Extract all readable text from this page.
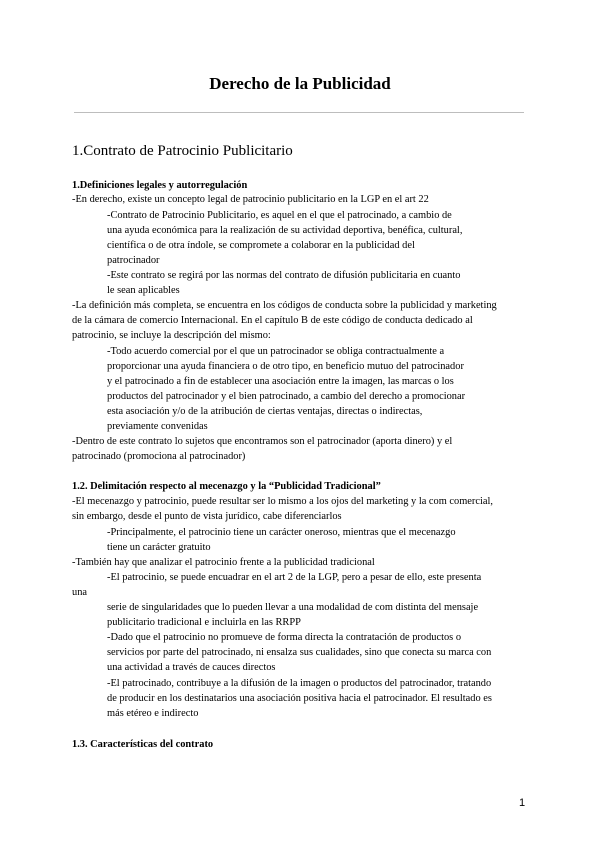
Derecho de la Publicidad
1.Contrato de Patrocinio Publicitario
1.Definiciones legales y autorregulación
-En derecho, existe un concepto legal de patrocinio publicitario en la LGP en el art 22
-Contrato de Patrocinio Publicitario, es aquel en el que el patrocinado, a cambio de
una ayuda económica para la realización de su actividad deportiva, benéfica, cultural,
científica o de otra índole, se compromete a colaborar en la publicidad del
patrocinador
-Este contrato se regirá por las normas del contrato de difusión publicitaria en cuanto
le sean aplicables
-La definición más completa, se encuentra en los códigos de conducta sobre la publicidad y marketing
de la cámara de comercio Internacional. En el capítulo B de este código de conducta dedicado al
patrocinio, se incluye la descripción del mismo:
-Todo acuerdo comercial por el que un patrocinador se obliga contractualmente a
proporcionar una ayuda financiera o de otro tipo, en beneficio mutuo del patrocinador
y el patrocinado a fin de establecer una asociación entre la imagen, las marcas o los
productos del patrocinador y el bien patrocinado, a cambio del derecho a promocionar
esta asociación y/o de la atribución de ciertas ventajas, directas o indirectas,
previamente convenidas
-Dentro de este contrato lo sujetos que encontramos son el patrocinador (aporta dinero) y el
patrocinado (promociona al patrocinador)
1.2. Delimitación respecto al mecenazgo y la “Publicidad Tradicional”
-El mecenazgo y patrocinio, puede resultar ser lo mismo a los ojos del marketing y la com comercial,
sin embargo, desde el punto de vista jurídico, cabe diferenciarlos
-Principalmente, el patrocinio tiene un carácter oneroso, mientras que el mecenazgo
tiene un carácter gratuito
-También hay que analizar el patrocinio frente a la publicidad tradicional
-El patrocinio, se puede encuadrar en el art 2 de la LGP, pero a pesar de ello, este presenta
una
serie de singularidades que lo pueden llevar a una modalidad de com distinta del mensaje
publicitario tradicional e incluirla en las RRPP
-Dado que el patrocinio no promueve de forma directa la contratación de productos o
servicios por parte del patrocinado, ni ensalza sus cualidades, sino que conecta su marca con
una actividad a través de cauces directos
-El patrocinado, contribuye a la difusión de la imagen o productos del patrocinador, tratando
de producir en los destinatarios una asociación positiva hacia el patrocinador. El resultado es
más etéreo e indirecto
1.3. Características del contrato
1
